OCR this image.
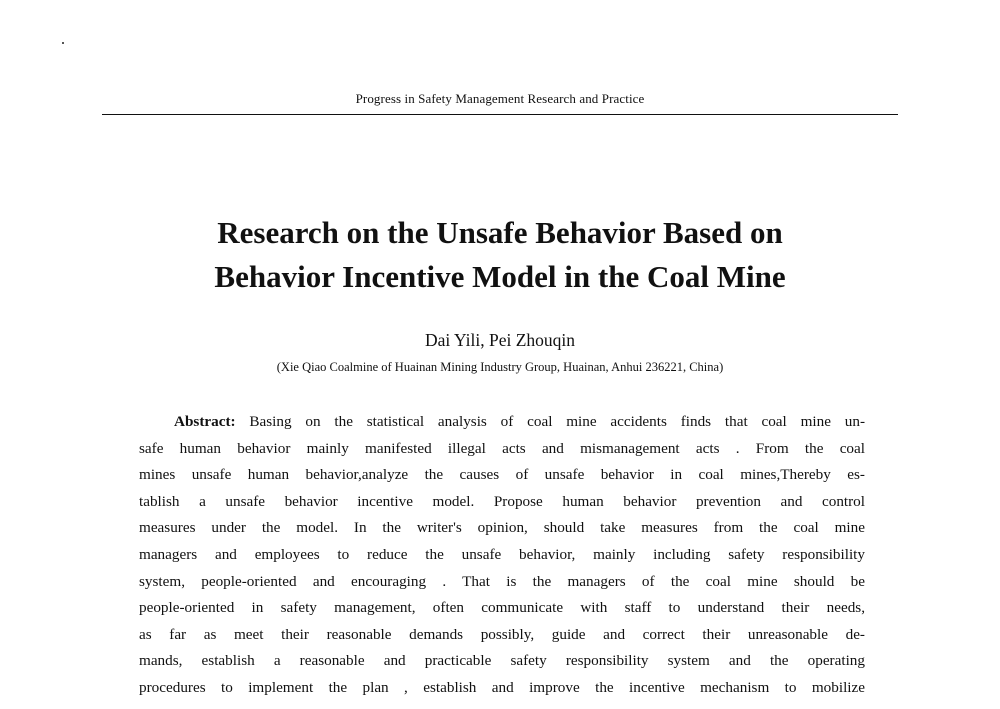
Progress in Safety Management Research and Practice
Research on the Unsafe Behavior Based on
Behavior Incentive Model in the Coal Mine
Dai Yili, Pei Zhouqin
(Xie Qiao Coalmine of Huainan Mining Industry Group, Huainan, Anhui 236221, China)
Abstract: Basing on the statistical analysis of coal mine accidents finds that coal mine un-
safe human behavior mainly manifested illegal acts and mismanagement acts . From the coal
mines unsafe human behavior,analyze the causes of unsafe behavior in coal mines,Thereby es-
tablish a unsafe behavior incentive model. Propose human behavior prevention and control
measures under the model. In the writer's opinion, should take measures from the coal mine
managers and employees to reduce the unsafe behavior, mainly including safety responsibility
system, people-oriented and encouraging . That is the managers of the coal mine should be
people-oriented in safety management, often communicate with staff to understand their needs,
as far as meet their reasonable demands possibly, guide and correct their unreasonable de-
mands, establish a reasonable and practicable safety responsibility system and the operating
procedures to implement the plan , establish and improve the incentive mechanism to mobilize
